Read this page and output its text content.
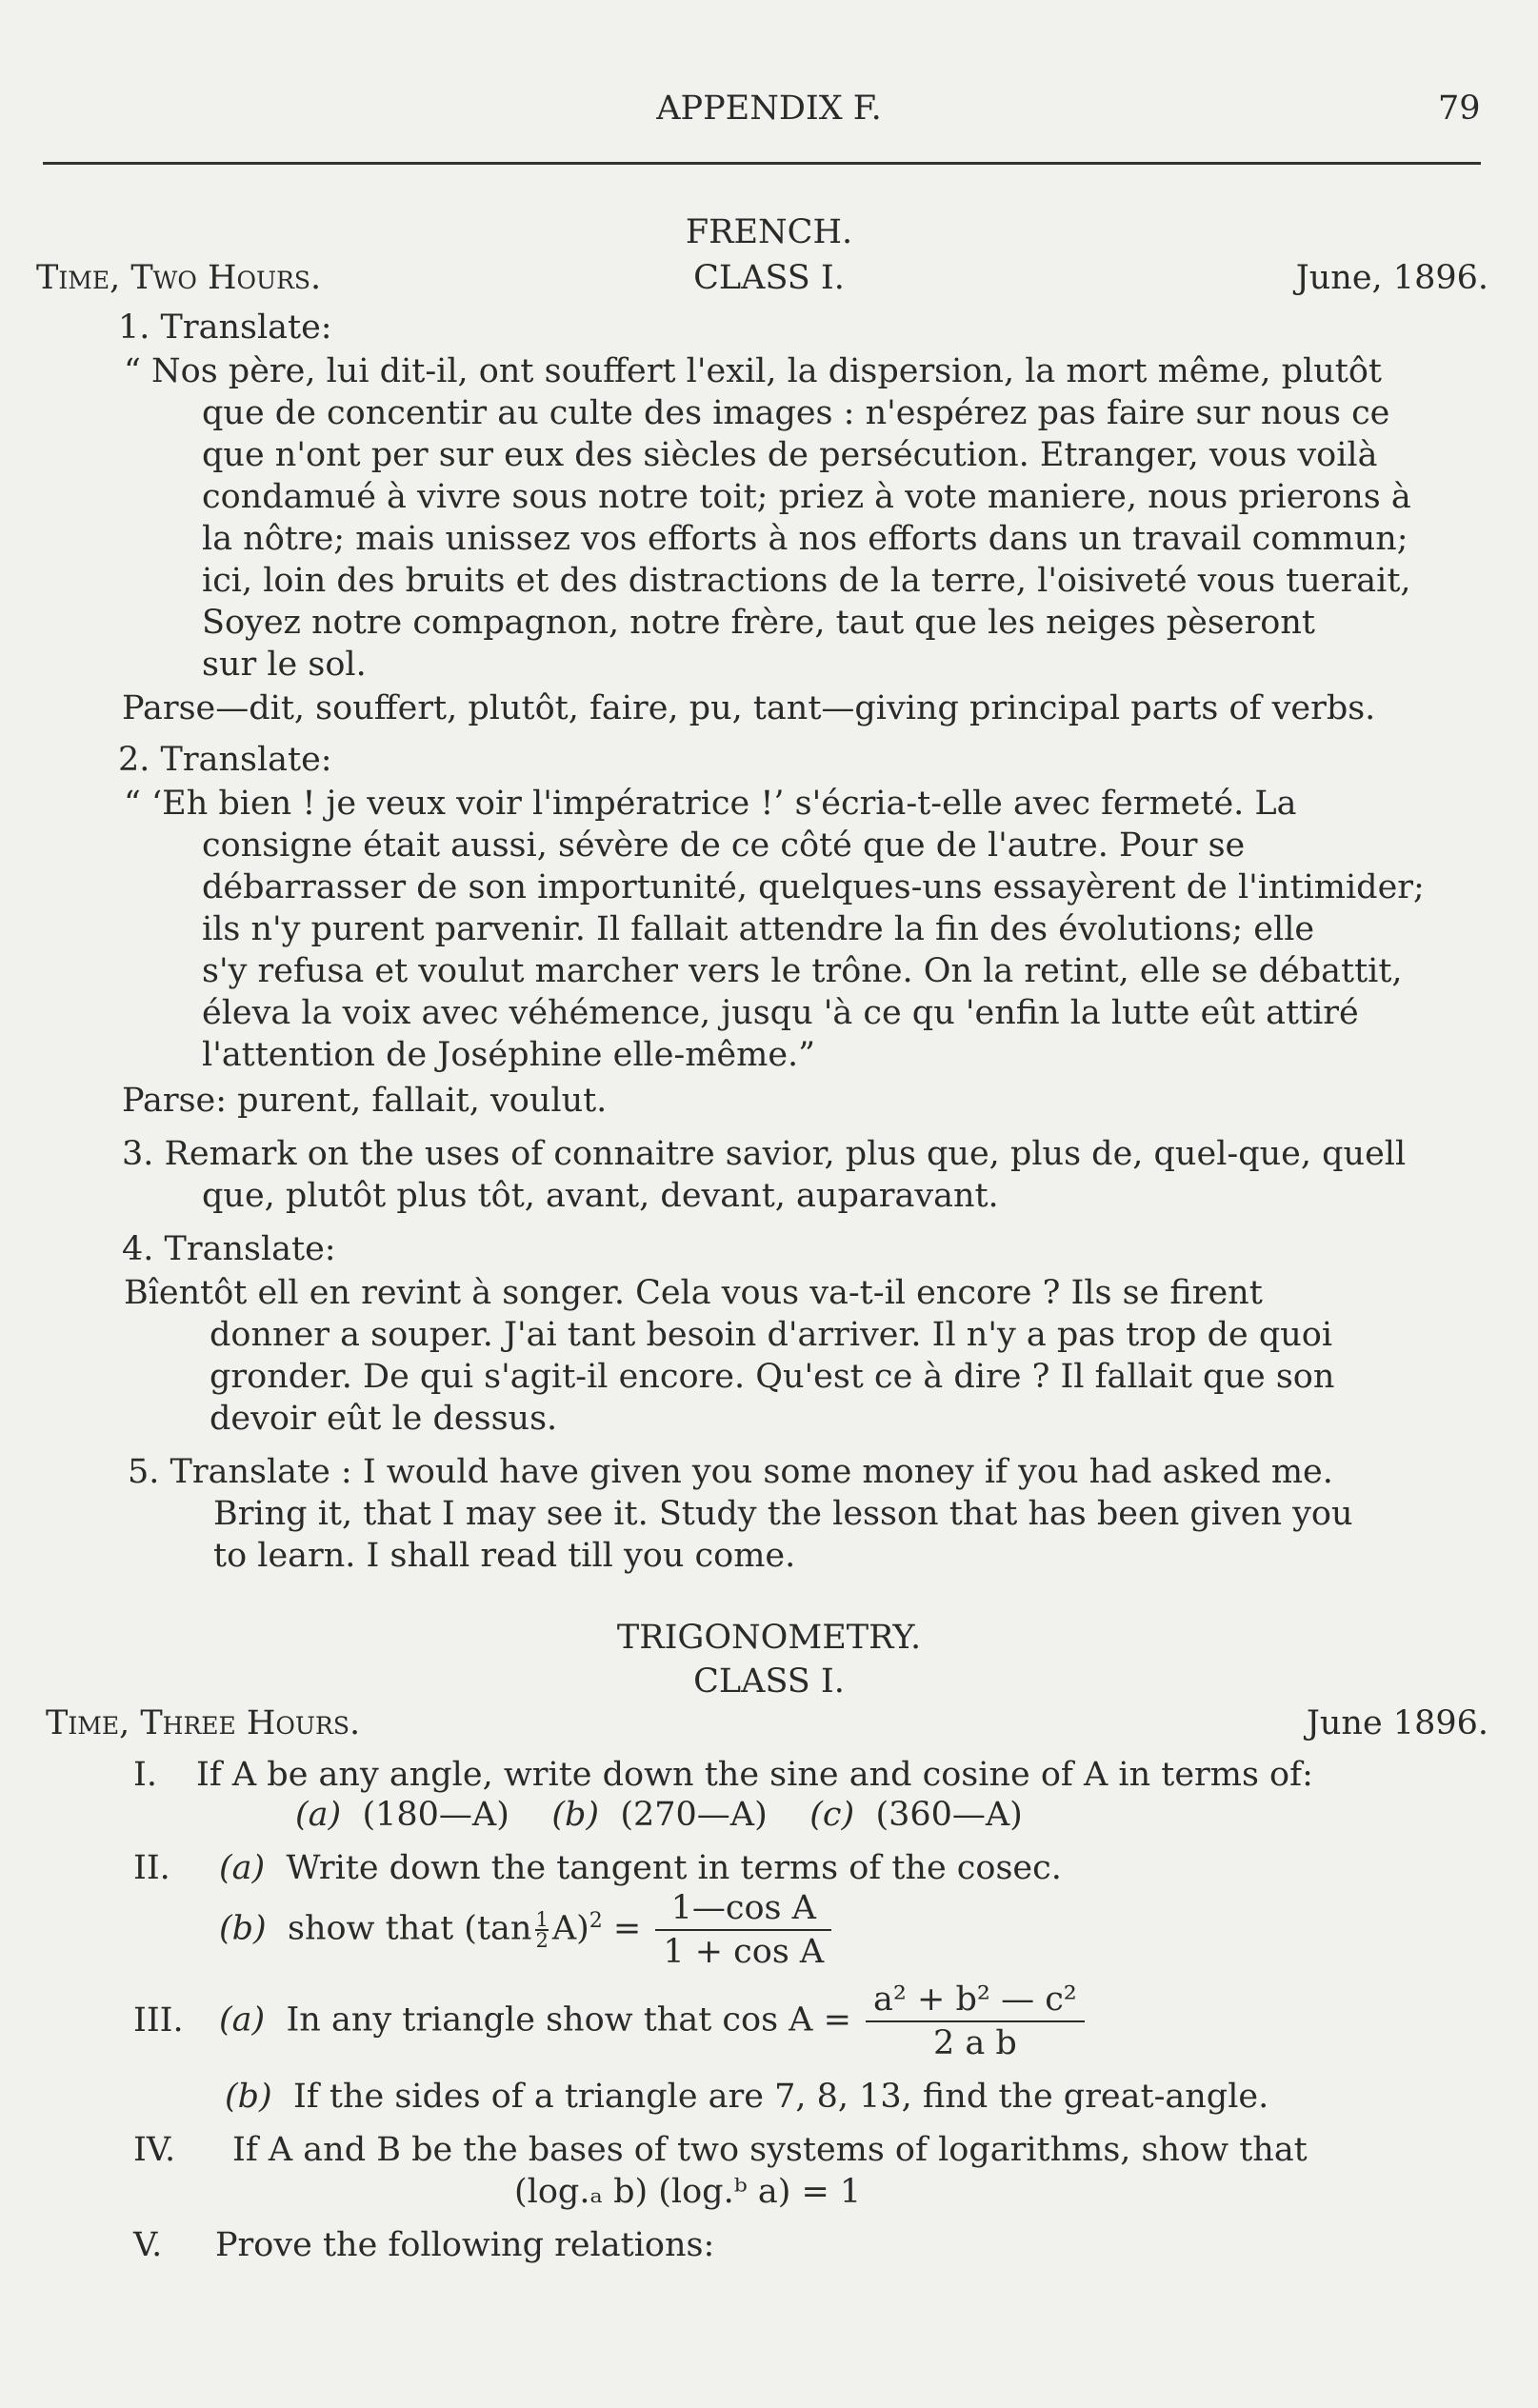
APPENDIX F.	79
FRENCH.
Time, Two Hours.	CLASS I.	June, 1896.
1. Translate:
“ Nos père, lui dit-il, ont souffert l'exil, la dispersion, la mort même, plutôt
que de concentir au culte des images : n'espérez pas faire sur nous ce
que n'ont per sur eux des siècles de persécution. Etranger, vous voilà
condamué à vivre sous notre toit; priez à vote maniere, nous prierons à
la nôtre; mais unissez vos efforts à nos efforts dans un travail commun;
ici, loin des bruits et des distractions de la terre, l'oisiveté vous tuerait,
Soyez notre compagnon, notre frère, taut que les neiges pèseront
sur le sol.
Parse—dit, souffert, plutôt, faire, pu, tant—giving principal parts of verbs.
2. Translate:
“ ‘Eh bien ! je veux voir l'impératrice !’ s'écria-t-elle avec fermeté. La
consigne était aussi, sévère de ce côté que de l'autre. Pour se
débarrasser de son importunité, quelques-uns essayèrent de l'intimider;
ils n'y purent parvenir. Il fallait attendre la fin des évolutions; elle
s'y refusa et voulut marcher vers le trône. On la retint, elle se débattit,
éleva la voix avec véhémence, jusqu 'à ce qu 'enfin la lutte eût attiré
l'attention de Joséphine elle-même.”
Parse: purent, fallait, voulut.
3. Remark on the uses of connaitre savior, plus que, plus de, quel-que, quell
que, plutôt plus tôt, avant, devant, auparavant.
4. Translate:
Bîentôt ell en revint à songer. Cela vous va-t-il encore ? Ils se firent
donner a souper. J'ai tant besoin d'arriver. Il n'y a pas trop de quoi
gronder. De qui s'agit-il encore. Qu'est ce à dire ? Il fallait que son
devoir eût le dessus.
5. Translate : I would have given you some money if you had asked me.
Bring it, that I may see it. Study the lesson that has been given you
to learn. I shall read till you come.
TRIGONOMETRY.
CLASS I.
Time, Three Hours.	June 1896.
I. If A be any angle, write down the sine and cosine of A in terms of:
(a) (180—A) (b) (270—A) (c) (360—A)
II. (a) Write down the tangent in terms of the cosec.
(b) show that $(\tan \frac{1}{2} A)^2 = \frac{\text{1—cos A}}{\text{1 + cos A}}$
III. (a) In any triangle show that $\cos A = \frac{\text{a² + b² — c²}}{\text{2 a b}}$
(b) If the sides of a triangle are 7, 8, 13, find the great-angle.
IV. If A and B be the bases of two systems of logarithms, show that
(log.ₐ b) (log.ᵇ a) = 1
V. Prove the following relations:
